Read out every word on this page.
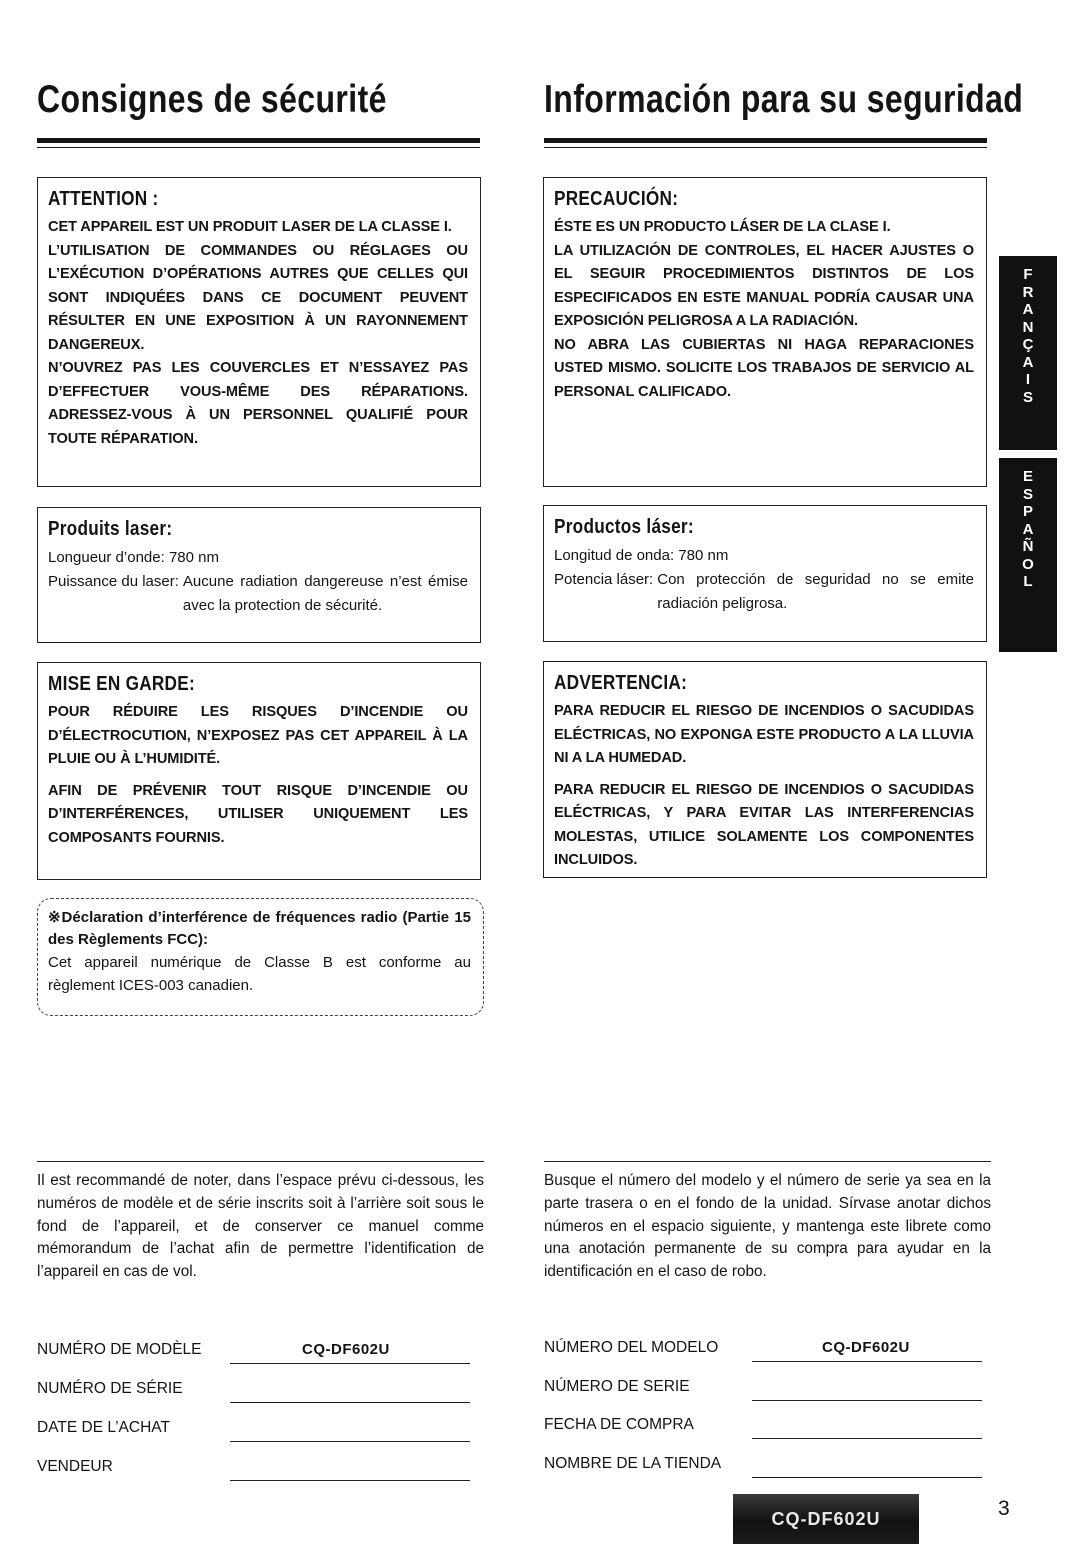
Consignes de sécurité	Información para su seguridad
ATTENTION :

CET APPAREIL EST UN PRODUIT LASER DE LA CLASSE I.

L’UTILISATION DE COMMANDES OU RÉGLAGES OU L’EXÉCUTION D’OPÉRATIONS AUTRES QUE CELLES QUI SONT INDIQUÉES DANS CE DOCUMENT PEUVENT RÉSULTER EN UNE EXPOSITION À UN RAYONNEMENT DANGEREUX.

N’OUVREZ PAS LES COUVERCLES ET N’ESSAYEZ PAS D’EFFECTUER VOUS-MÊME DES RÉPARATIONS. ADRESSEZ-VOUS À UN PERSONNEL QUALIFIÉ POUR TOUTE RÉPARATION.

PRECAUCIÓN:

ÉSTE ES UN PRODUCTO LÁSER DE LA CLASE I.

LA UTILIZACIÓN DE CONTROLES, EL HACER AJUSTES O EL SEGUIR PROCEDIMIENTOS DISTINTOS DE LOS ESPECIFICADOS EN ESTE MANUAL PODRÍA CAUSAR UNA EXPOSICIÓN PELIGROSA A LA RADIACIÓN.

NO ABRA LAS CUBIERTAS NI HAGA REPARACIONES USTED MISMO. SOLICITE LOS TRABAJOS DE SERVICIO AL PERSONAL CALIFICADO.

Produits laser:

Longueur d’onde: 780 nm

Puissance du laser: Aucune radiation dangereuse n’est émise avec la protection de sécurité.
Productos láser:

Longitud de onda: 780 nm

Potencia láser: Con protección de seguridad no se emite radiación peligrosa.
MISE EN GARDE:

POUR RÉDUIRE LES RISQUES D’INCENDIE OU D’ÉLECTROCUTION, N’EXPOSEZ PAS CET APPAREIL À LA PLUIE OU À L’HUMIDITÉ.

AFIN DE PRÉVENIR TOUT RISQUE D’INCENDIE OU D’INTERFÉRENCES, UTILISER UNIQUEMENT LES COMPOSANTS FOURNIS.

ADVERTENCIA:

PARA REDUCIR EL RIESGO DE INCENDIOS O SACUDIDAS ELÉCTRICAS, NO EXPONGA ESTE PRODUCTO A LA LLUVIA NI A LA HUMEDAD.

PARA REDUCIR EL RIESGO DE INCENDIOS O SACUDIDAS ELÉCTRICAS, Y PARA EVITAR LAS INTERFERENCIAS MOLESTAS, UTILICE SOLAMENTE LOS COMPONENTES INCLUIDOS.

※Déclaration d’interférence de fréquences radio (Partie 15 des Règlements FCC):

Cet appareil numérique de Classe B est conforme au règlement ICES-003 canadien.

F
R
A
N
Ç
A
I
S
E
S
P
A
Ñ
O
L

Il est recommandé de noter, dans l’espace prévu ci-dessous, les numéros de modèle et de série inscrits soit à l’arrière soit sous le fond de l’appareil, et de conserver ce manuel comme mémorandum de l’achat afin de permettre l’identification de l’appareil en cas de vol.

Busque el número del modelo y el número de serie ya sea en la parte trasera o en el fondo de la unidad. Sírvase anotar dichos números en el espacio siguiente, y mantenga este librete como una anotación permanente de su compra para ayudar en la identificación en el caso de robo.

NUMÉRO DE MODÈLE	CQ-DF602U
NUMÉRO DE SÉRIE
DATE DE L’ACHAT
VENDEUR
NÚMERO DEL MODELO	CQ-DF602U
NÚMERO DE SERIE
FECHA DE COMPRA
NOMBRE DE LA TIENDA
CQ-DF602U	3
